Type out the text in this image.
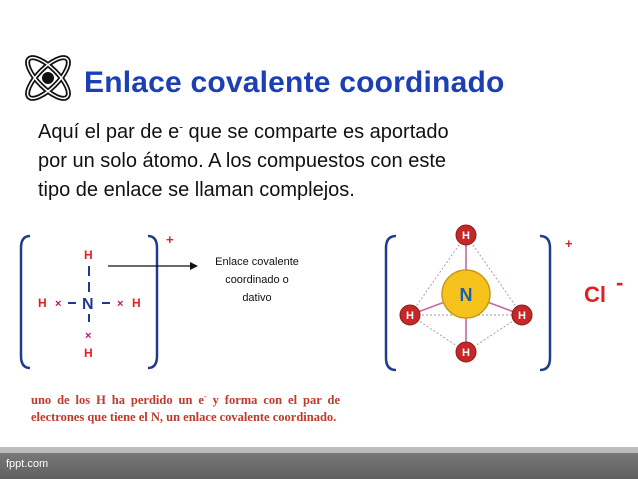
Enlace covalente coordinado
Aquí el par de e- que se comparte es aportado
por un solo átomo. A los compuestos con este
tipo de enlace se llaman complejos.
+
×	×
×
H
H N	H
H
Enlace covalente
coordinado o
dativo
+
N
H
H	H
H
Cl -
uno de los H ha perdido un e- y forma con el par de electrones que tiene el N, un enlace covalente coordinado.
fppt.com
